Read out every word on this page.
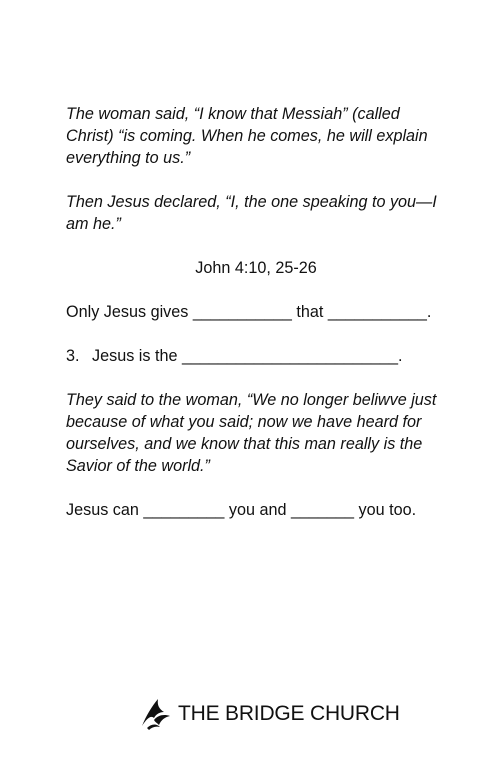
The woman said, “I know that Messiah” (called Christ) “is coming. When he comes, he will explain everything to us.”

Then Jesus declared, “I, the one speaking to you—I am he.”

John 4:10, 25-26

Only Jesus gives ___________ that ___________.

3. Jesus is the ________________________.

They said to the woman, “We no longer beliwve just because of what you said; now we have heard for ourselves, and we know that this man really is the Savior of the world.”

Jesus can _________ you and _______ you too.

THE BRIDGE CHURCH
